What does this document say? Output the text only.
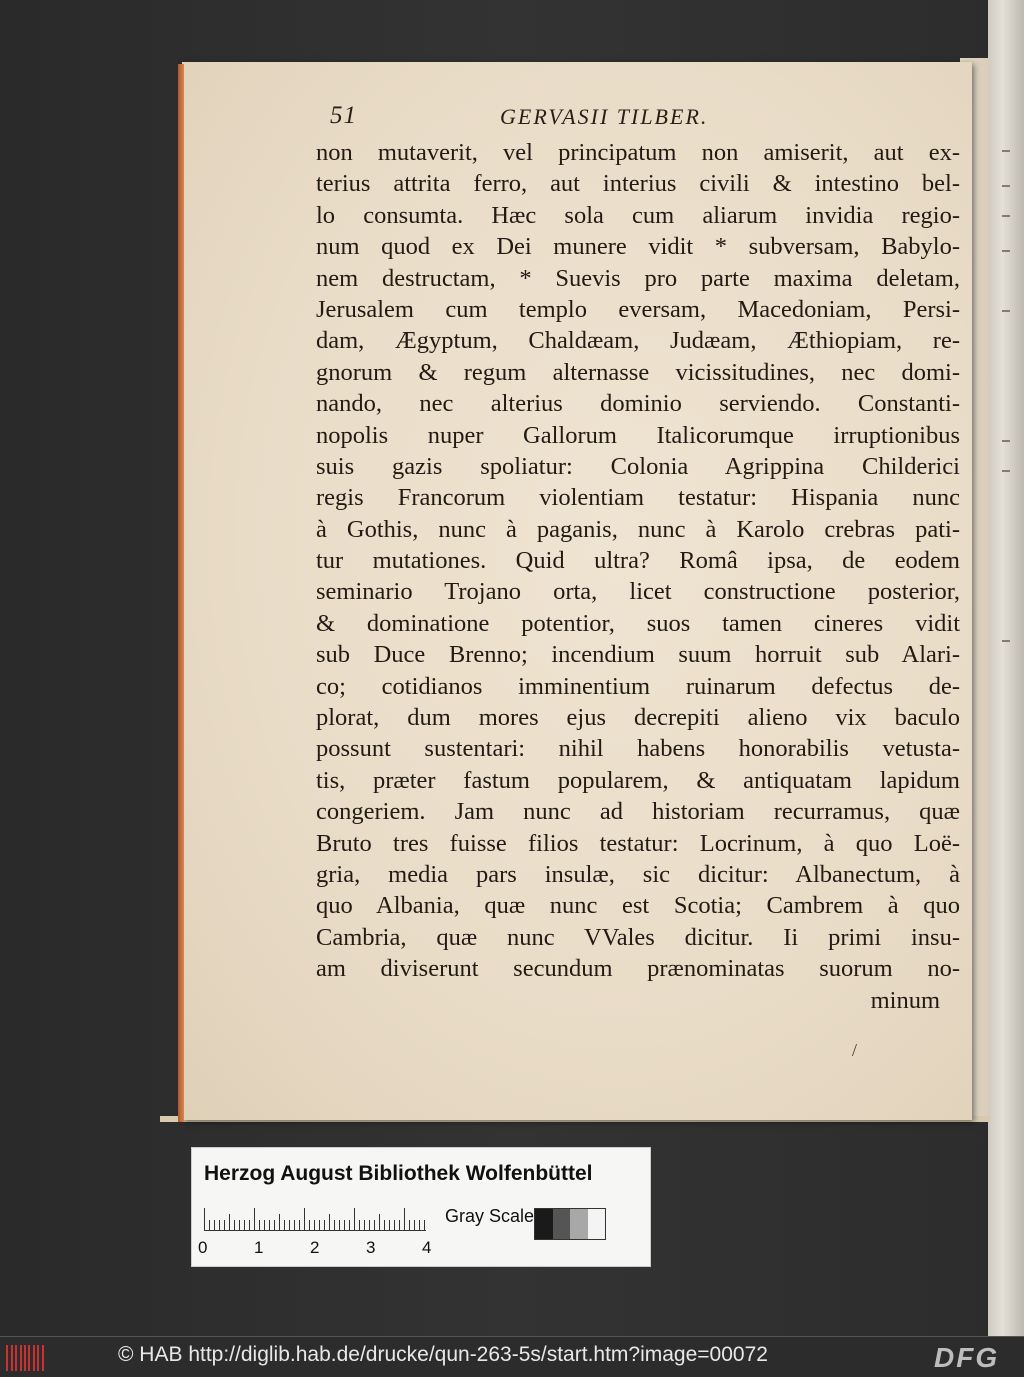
51	GERVASII TILBER.
non mutaverit, vel principatum non amiserit, aut ex-
terius attrita ferro, aut interius civili & intestino bel-
lo consumta. Hæc sola cum aliarum invidia regio-
num quod ex Dei munere vidit * subversam, Babylo-
nem destructam, * Suevis pro parte maxima deletam,
Jerusalem cum templo eversam, Macedoniam, Persi-
dam, Ægyptum, Chaldæam, Judæam, Æthiopiam, re-
gnorum & regum alternasse vicissitudines, nec domi-
nando, nec alterius dominio serviendo. Constanti-
nopolis nuper Gallorum Italicorumque irruptionibus
suis gazis spoliatur: Colonia Agrippina Childerici
regis Francorum violentiam testatur: Hispania nunc
à Gothis, nunc à paganis, nunc à Karolo crebras pati-
tur mutationes. Quid ultra? Româ ipsa, de eodem
seminario Trojano orta, licet constructione posterior,
& dominatione potentior, suos tamen cineres vidit
sub Duce Brenno; incendium suum horruit sub Alari-
co; cotidianos imminentium ruinarum defectus de-
plorat, dum mores ejus decrepiti alieno vix baculo
possunt sustentari: nihil habens honorabilis vetusta-
tis, præter fastum popularem, & antiquatam lapidum
congeriem. Jam nunc ad historiam recurramus, quæ
Bruto tres fuisse filios testatur: Locrinum, à quo Loë-
gria, media pars insulæ, sic dicitur: Albanectum, à
quo Albania, quæ nunc est Scotia; Cambrem à quo
Cambria, quæ nunc VVales dicitur. Ii primi insu-
am diviserunt secundum prænominatas suorum no-
minum
/
Herzog August Bibliothek Wolfenbüttel
0	1	2	3	4
Gray Scale
© HAB http://diglib.hab.de/drucke/qun-263-5s/start.htm?image=00072	DFG
